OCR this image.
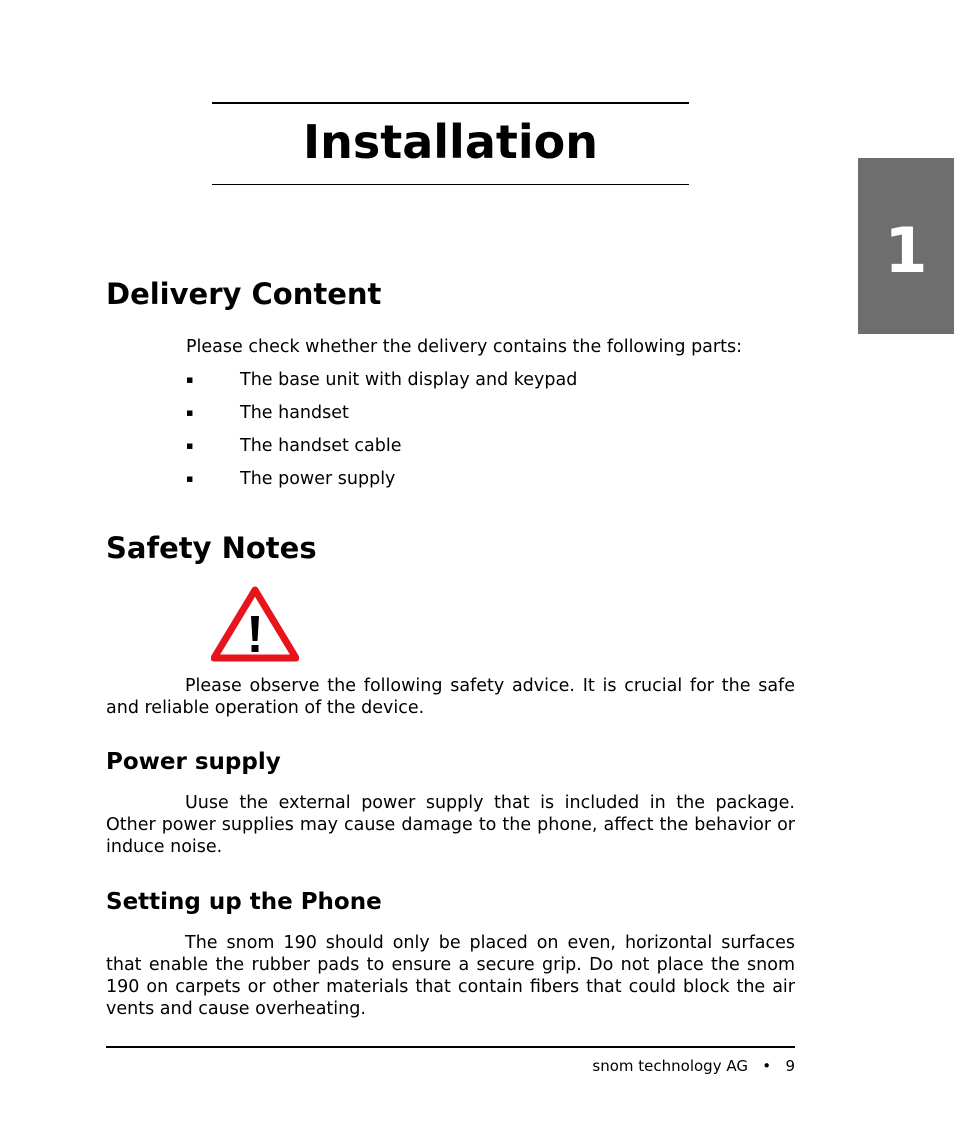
Installation
1
Delivery Content
Please check whether the delivery contains the following parts:
▪	The base unit with display and keypad
▪	The handset
▪	The handset cable
▪	The power supply
Safety Notes
Please observe the following safety advice. It is crucial for the safe and reliable operation of the device.
Power supply
Uuse the external power supply that is included in the package. Other power supplies may cause damage to the phone, affect the behavior or induce noise.
Setting up the Phone
The snom 190 should only be placed on even, horizontal surfaces that enable the rubber pads to ensure a secure grip. Do not place the snom 190 on carpets or other materials that contain fibers that could block the air vents and cause overheating.
snom technology AG • 9
